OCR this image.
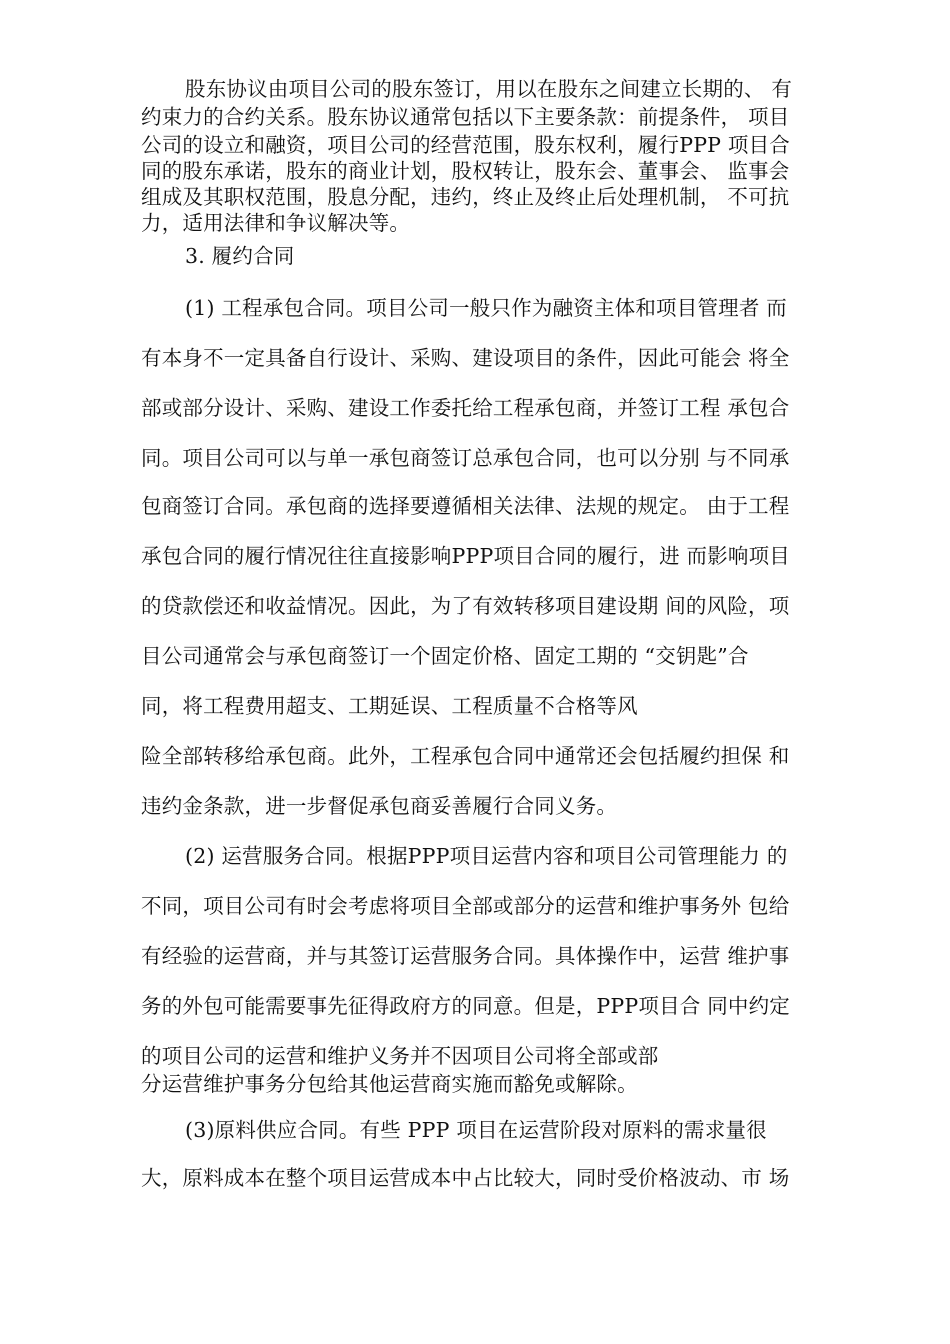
股东协议由项目公司的股东签订，用以在股东之间建立长期的、 有
约束力的合约关系。股东协议通常包括以下主要条款：前提条件， 项目
公司的设立和融资，项目公司的经营范围，股东权利，履行PPP 项目合
同的股东承诺，股东的商业计划，股权转让，股东会、董事会、 监事会
组成及其职权范围，股息分配，违约，终止及终止后处理机制， 不可抗
力，适用法律和争议解决等。
3. 履约合同
(1) 工程承包合同。项目公司一般只作为融资主体和项目管理者 而
有本身不一定具备自行设计、采购、建设项目的条件，因此可能会 将全
部或部分设计、采购、建设工作委托给工程承包商，并签订工程 承包合
同。项目公司可以与单一承包商签订总承包合同，也可以分别 与不同承
包商签订合同。承包商的选择要遵循相关法律、法规的规定。 由于工程
承包合同的履行情况往往直接影响PPP项目合同的履行，进 而影响项目
的贷款偿还和收益情况。因此，为了有效转移项目建设期 间的风险，项
目公司通常会与承包商签订一个固定价格、固定工期的 “交钥匙”合
同，将工程费用超支、工期延误、工程质量不合格等风
险全部转移给承包商。此外，工程承包合同中通常还会包括履约担保 和
违约金条款，进一步督促承包商妥善履行合同义务。
(2) 运营服务合同。根据PPP项目运营内容和项目公司管理能力 的
不同，项目公司有时会考虑将项目全部或部分的运营和维护事务外 包给
有经验的运营商，并与其签订运营服务合同。具体操作中，运营 维护事
务的外包可能需要事先征得政府方的同意。但是，PPP项目合 同中约定
的项目公司的运营和维护义务并不因项目公司将全部或部
分运营维护事务分包给其他运营商实施而豁免或解除。
(3)原料供应合同。有些 PPP 项目在运营阶段对原料的需求量很
大，原料成本在整个项目运营成本中占比较大，同时受价格波动、市 场
